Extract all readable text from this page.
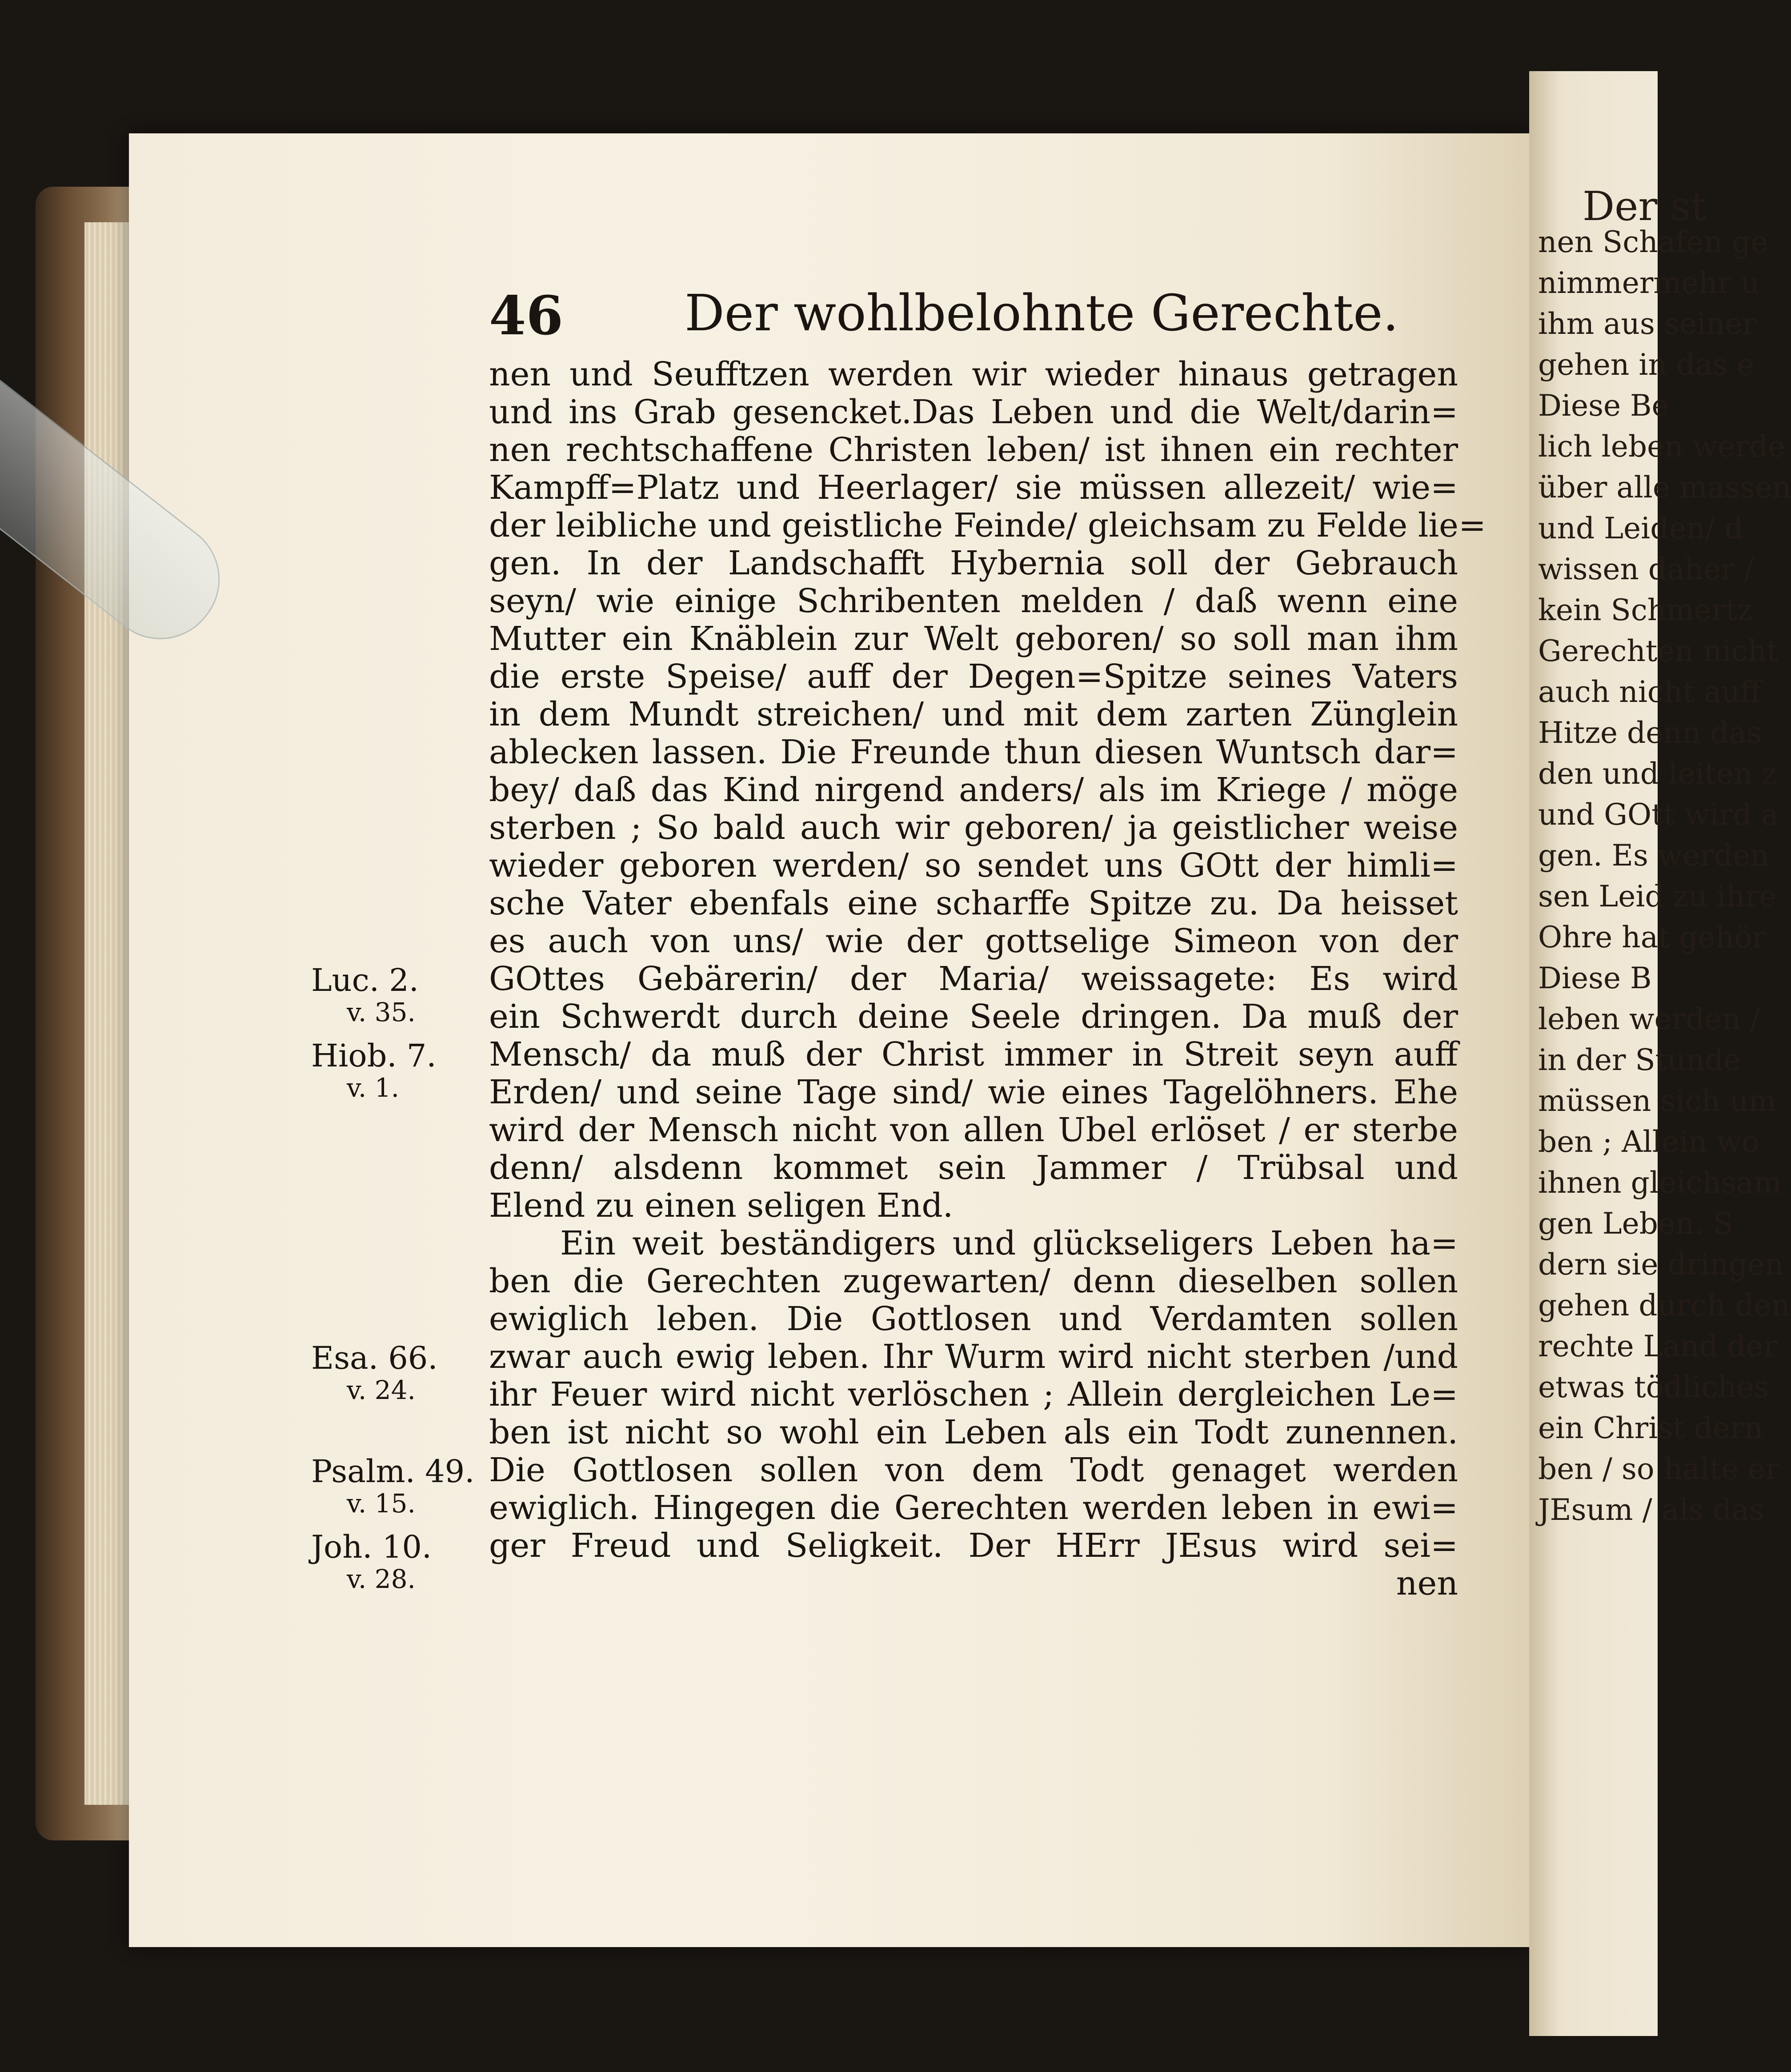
Der st
nen Schafen ge
nimmermehr u
ihm aus seiner
gehen in das e
Diese Be
lich leben werde
über alle massen
und Leiden/ d
wissen daher /
kein Schmertz
Gerechten nicht
auch nicht auff
Hitze denn das
den und leiten z
und GOtt wird a
gen. Es werden
sen Leid zu ihre
Ohre hat gehör
Diese B
leben werden /
in der Stunde
müssen sich um
ben ; Allein wo
ihnen gleichsam
gen Leben. S
dern sie dringen
gehen durch den
rechte Land der
etwas tödliches
ein Christ dern
ben / so halte er
JEsum / als das
46 Der wohlbelohnte Gerechte.
nen und Seufftzen werden wir wieder hinaus getragen
und ins Grab gesencket.Das Leben und die Welt/darin=
nen rechtschaffene Christen leben/ ist ihnen ein rechter
Kampff=Platz und Heerlager/ sie müssen allezeit/ wie=
der leibliche und geistliche Feinde/ gleichsam zu Felde lie=
gen. In der Landschafft Hybernia soll der Gebrauch
seyn/ wie einige Schribenten melden / daß wenn eine
Mutter ein Knäblein zur Welt geboren/ so soll man ihm
die erste Speise/ auff der Degen=Spitze seines Vaters
in dem Mundt streichen/ und mit dem zarten Zünglein
ablecken lassen. Die Freunde thun diesen Wuntsch dar=
bey/ daß das Kind nirgend anders/ als im Kriege / möge
sterben ; So bald auch wir geboren/ ja geistlicher weise
wieder geboren werden/ so sendet uns GOtt der himli=
sche Vater ebenfals eine scharffe Spitze zu. Da heisset
es auch von uns/ wie der gottselige Simeon von der
GOttes Gebärerin/ der Maria/ weissagete: Es wird
ein Schwerdt durch deine Seele dringen. Da muß der
Mensch/ da muß der Christ immer in Streit seyn auff
Erden/ und seine Tage sind/ wie eines Tagelöhners. Ehe
wird der Mensch nicht von allen Ubel erlöset / er sterbe
denn/ alsdenn kommet sein Jammer / Trübsal und
Elend zu einen seligen End.
Ein weit beständigers und glückseligers Leben ha=
ben die Gerechten zugewarten/ denn dieselben sollen
ewiglich leben. Die Gottlosen und Verdamten sollen
zwar auch ewig leben. Ihr Wurm wird nicht sterben /und
ihr Feuer wird nicht verlöschen ; Allein dergleichen Le=
ben ist nicht so wohl ein Leben als ein Todt zunennen.
Die Gottlosen sollen von dem Todt genaget werden
ewiglich. Hingegen die Gerechten werden leben in ewi=
ger Freud und Seligkeit. Der HErr JEsus wird sei=
nen
Luc. 2.
v. 35.
Hiob. 7.
v. 1.
Esa. 66.
v. 24.
Psalm. 49.
v. 15.
Joh. 10.
v. 28.
